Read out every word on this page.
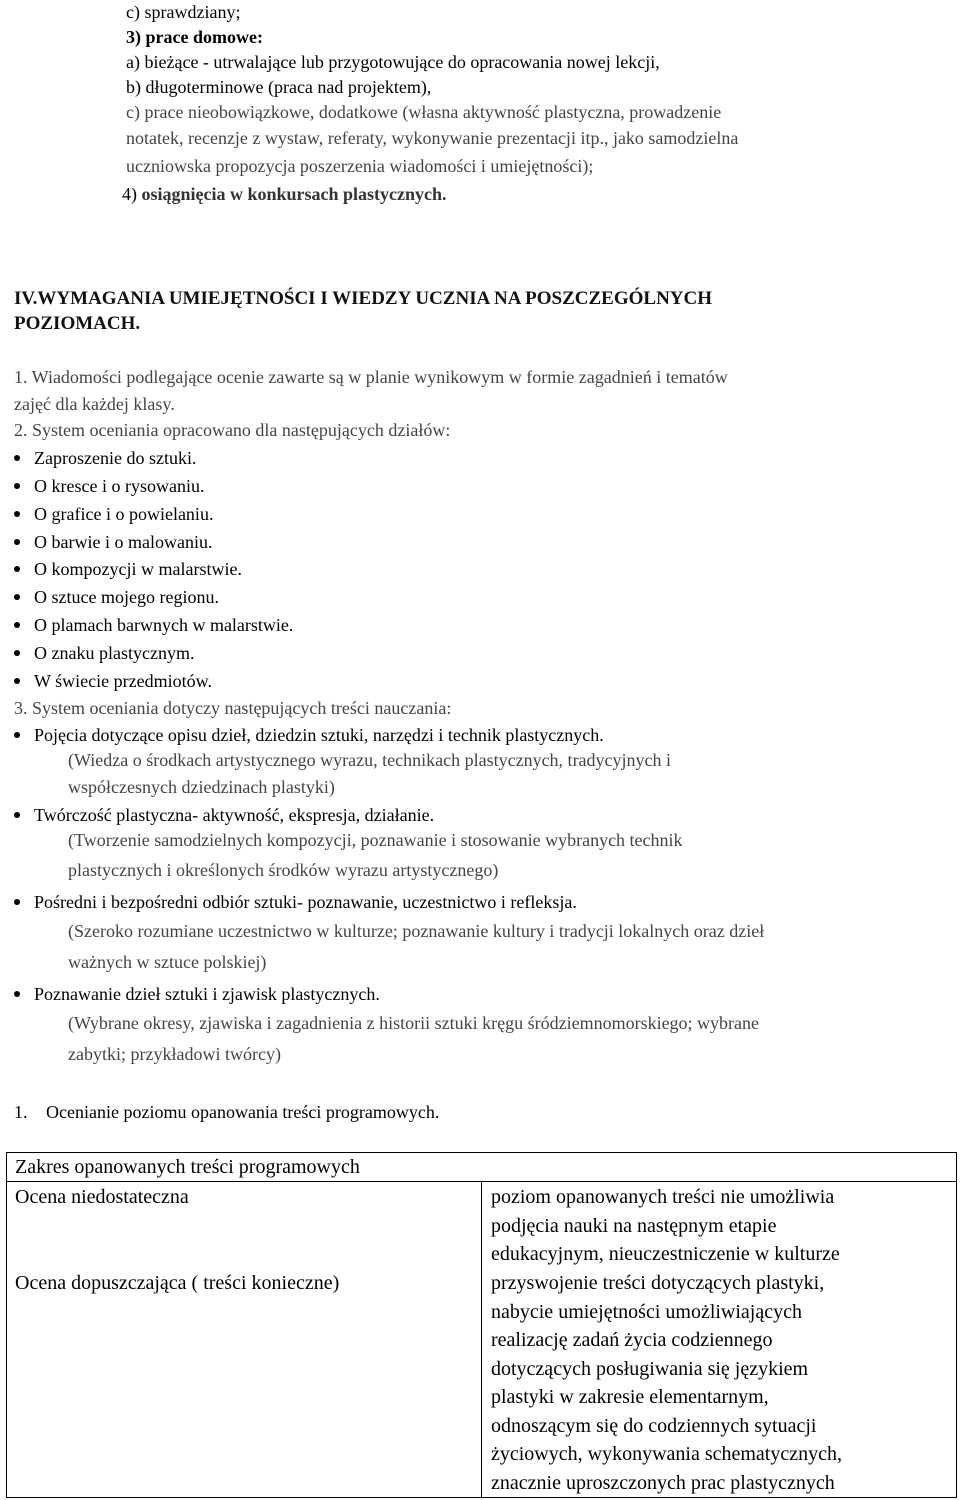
c) sprawdziany;
3) prace domowe:
a) bieżące - utrwalające lub przygotowujące do opracowania nowej lekcji,
b) długoterminowe (praca nad projektem),
c) prace nieobowiązkowe, dodatkowe (własna aktywność plastyczna, prowadzenie
notatek, recenzje z wystaw, referaty, wykonywanie prezentacji itp., jako samodzielna
uczniowska propozycja poszerzenia wiadomości i umiejętności);
4) osiągnięcia w konkursach plastycznych.
IV.WYMAGANIA UMIEJĘTNOŚCI I WIEDZY UCZNIA NA POSZCZEGÓLNYCH
POZIOMACH.
1. Wiadomości podlegające ocenie zawarte są w planie wynikowym w formie zagadnień i tematów
zajęć dla każdej klasy.
2. System oceniania opracowano dla następujących działów:
Zaproszenie do sztuki.
O kresce i o rysowaniu.
O grafice i o powielaniu.
O barwie i o malowaniu.
O kompozycji w malarstwie.
O sztuce mojego regionu.
O plamach barwnych w malarstwie.
O znaku plastycznym.
W świecie przedmiotów.
3. System oceniania dotyczy następujących treści nauczania:
Pojęcia dotyczące opisu dzieł, dziedzin sztuki, narzędzi i technik plastycznych.
(Wiedza o środkach artystycznego wyrazu, technikach plastycznych, tradycyjnych i
współczesnych dziedzinach plastyki)
Twórczość plastyczna- aktywność, ekspresja, działanie.
(Tworzenie samodzielnych kompozycji, poznawanie i stosowanie wybranych technik
plastycznych i określonych środków wyrazu artystycznego)
Pośredni i bezpośredni odbiór sztuki- poznawanie, uczestnictwo i refleksja.
(Szeroko rozumiane uczestnictwo w kulturze; poznawanie kultury i tradycji lokalnych oraz dzieł
ważnych w sztuce polskiej)
Poznawanie dzieł sztuki i zjawisk plastycznych.
(Wybrane okresy, zjawiska i zagadnienia z historii sztuki kręgu śródziemnomorskiego; wybrane
zabytki; przykładowi twórcy)
1. Ocenianie poziomu opanowania treści programowych.
Zakres opanowanych treści programowych
Ocena niedostateczna	poziom opanowanych treści nie umożliwia
podjęcia nauki na następnym etapie
edukacyjnym, nieuczestniczenie w kulturze
Ocena dopuszczająca ( treści konieczne)	przyswojenie treści dotyczących plastyki,
nabycie umiejętności umożliwiających
realizację zadań życia codziennego
dotyczących posługiwania się językiem
plastyki w zakresie elementarnym,
odnoszącym się do codziennych sytuacji
życiowych, wykonywania schematycznych,
znacznie uproszczonych prac plastycznych
